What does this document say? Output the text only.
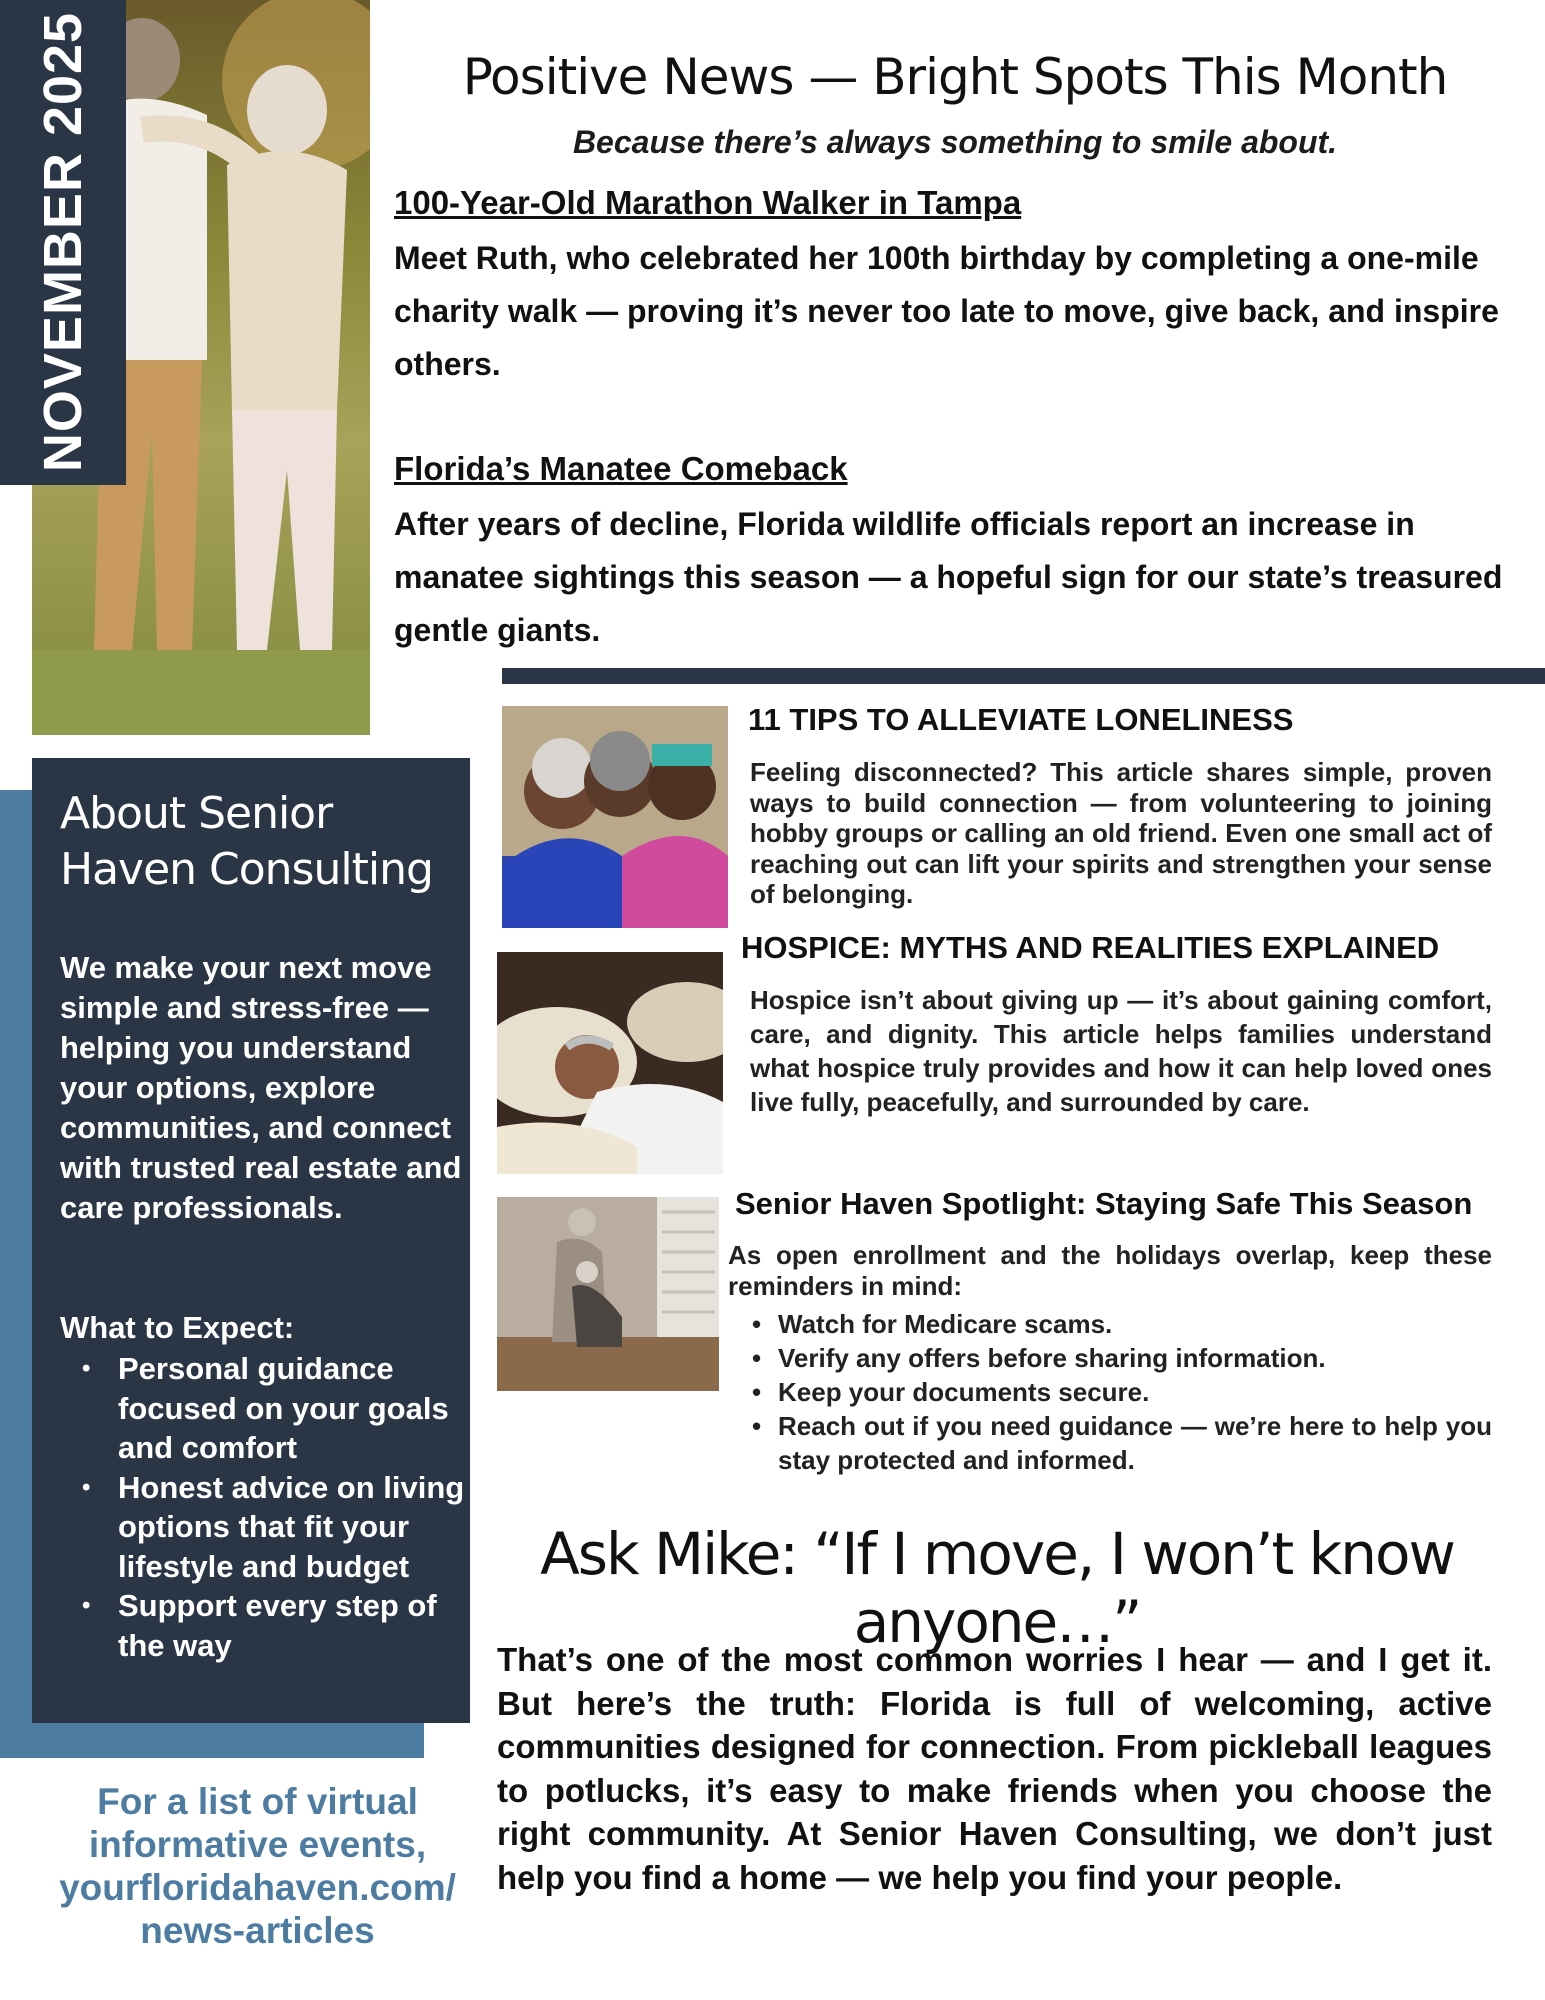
NOVEMBER 2025	Positive News — Bright Spots This Month
Because there’s always something to smile about.
100-Year-Old Marathon Walker in Tampa
Meet Ruth, who celebrated her 100th birthday by completing a one-mile charity walk — proving it’s never too late to move, give back, and inspire others.
Florida’s Manatee Comeback
After years of decline, Florida wildlife officials report an increase in manatee sightings this season — a hopeful sign for our state’s treasured gentle giants.
11 TIPS TO ALLEVIATE LONELINESS
Feeling disconnected? This article shares simple, proven ways to build connection — from volunteering to joining hobby groups or calling an old friend. Even one small act of reaching out can lift your spirits and strengthen your sense of belonging.
HOSPICE: MYTHS AND REALITIES EXPLAINED
Hospice isn’t about giving up — it’s about gaining comfort, care, and dignity. This article helps families understand what hospice truly provides and how it can help loved ones live fully, peacefully, and surrounded by care.
Senior Haven Spotlight: Staying Safe This Season
As open enrollment and the holidays overlap, keep these reminders in mind:
• Watch for Medicare scams.
• Verify any offers before sharing information.
• Keep your documents secure.
• Reach out if you need guidance — we’re here to help you stay protected and informed.
Ask Mike: “If I move, I won’t know anyone…”
That’s one of the most common worries I hear — and I get it. But here’s the truth: Florida is full of welcoming, active communities designed for connection. From pickleball leagues to potlucks, it’s easy to make friends when you choose the right community. At Senior Haven Consulting, we don’t just help you find a home — we help you find your people.
About Senior Haven Consulting
We make your next move simple and stress-free — helping you understand your options, explore communities, and connect with trusted real estate and care professionals.
What to Expect:
• Personal guidance focused on your goals and comfort
• Honest advice on living options that fit your lifestyle and budget
• Support every step of the way
For a list of virtual informative events,
yourfloridahaven.com/ news-articles
